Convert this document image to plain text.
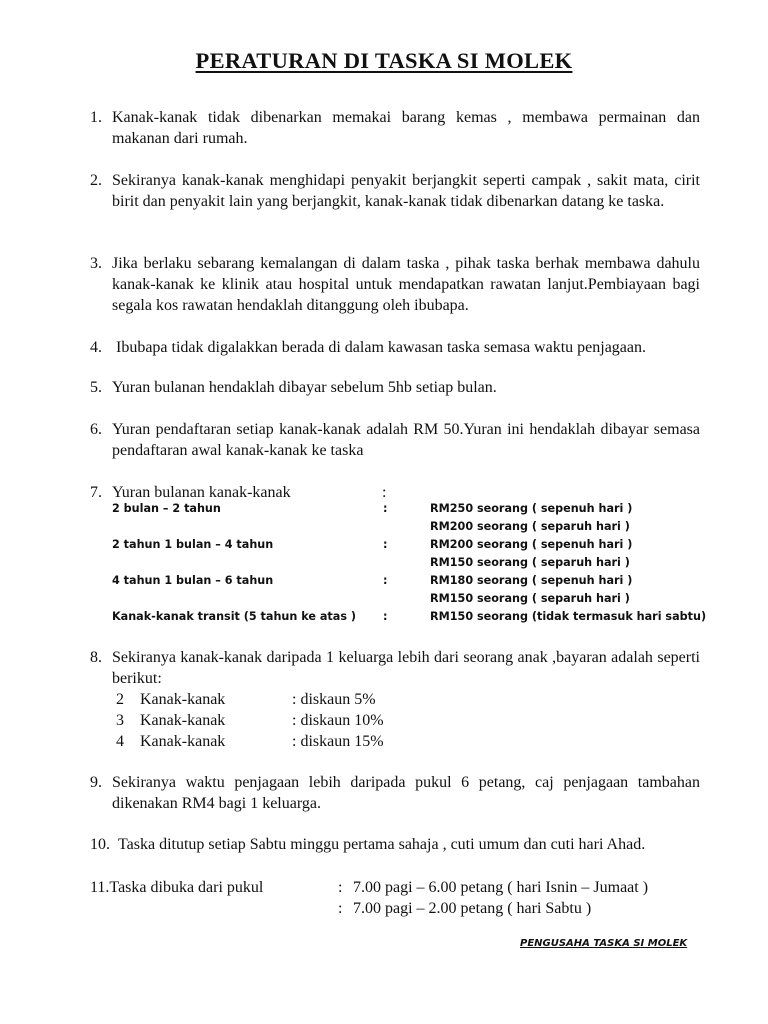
PERATURAN DI TASKA SI MOLEK
1. Kanak-kanak tidak dibenarkan memakai barang kemas , membawa permainan dan makanan dari rumah.
2. Sekiranya kanak-kanak menghidapi penyakit berjangkit seperti campak , sakit mata, cirit birit dan penyakit lain yang berjangkit, kanak-kanak tidak dibenarkan datang ke taska.
3. Jika berlaku sebarang kemalangan di dalam taska , pihak taska berhak membawa dahulu kanak-kanak ke klinik atau hospital untuk mendapatkan rawatan lanjut.Pembiayaan bagi segala kos rawatan hendaklah ditanggung oleh ibubapa.
4. Ibubapa tidak digalakkan berada di dalam kawasan taska semasa waktu penjagaan.
5. Yuran bulanan hendaklah dibayar sebelum 5hb setiap bulan.
6. Yuran pendaftaran setiap kanak-kanak adalah RM 50.Yuran ini hendaklah dibayar semasa pendaftaran awal kanak-kanak ke taska
7. Yuran bulanan kanak-kanak	:
2 bulan – 2 tahun	:	RM250 seorang ( sepenuh hari )
RM200 seorang ( separuh hari )
2 tahun 1 bulan – 4 tahun	:	RM200 seorang ( sepenuh hari )
RM150 seorang ( separuh hari )
4 tahun 1 bulan – 6 tahun	:	RM180 seorang ( sepenuh hari )
RM150 seorang ( separuh hari )
Kanak-kanak transit (5 tahun ke atas ) :	RM150 seorang (tidak termasuk hari sabtu)
8. Sekiranya kanak-kanak daripada 1 keluarga lebih dari seorang anak ,bayaran adalah seperti berikut:
2 Kanak-kanak	: diskaun 5%
3 Kanak-kanak	: diskaun 10%
4 Kanak-kanak	: diskaun 15%
9. Sekiranya waktu penjagaan lebih daripada pukul 6 petang, caj penjagaan tambahan dikenakan RM4 bagi 1 keluarga.
10. Taska ditutup setiap Sabtu minggu pertama sahaja , cuti umum dan cuti hari Ahad.
11.Taska dibuka dari pukul	: 7.00 pagi – 6.00 petang ( hari Isnin – Jumaat )
: 7.00 pagi – 2.00 petang ( hari Sabtu )
PENGUSAHA TASKA SI MOLEK
